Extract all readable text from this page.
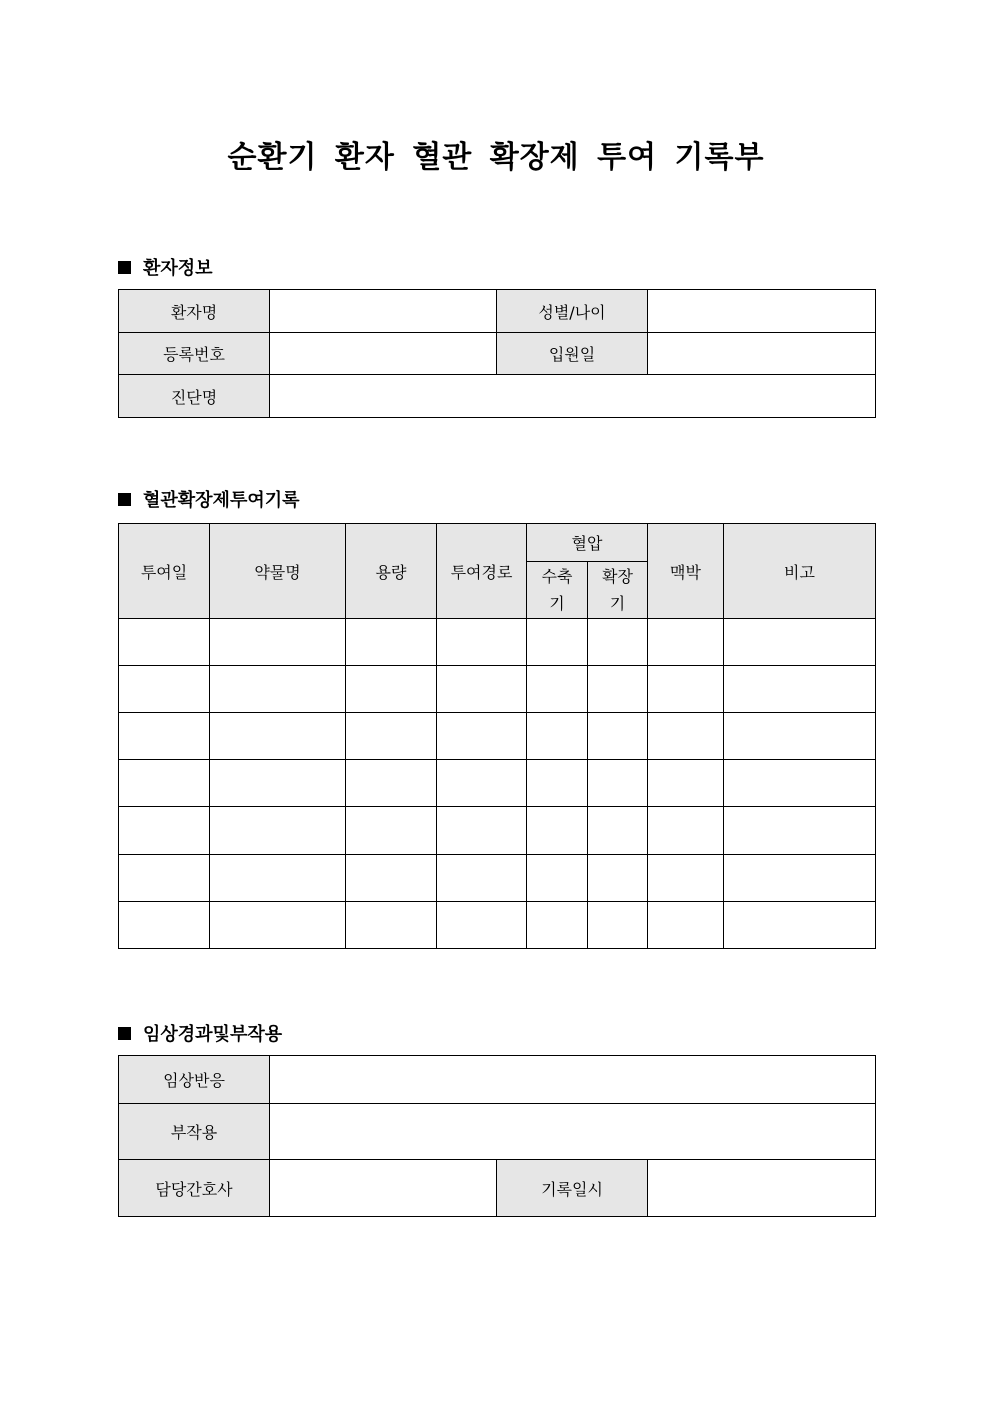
순환기 환자 혈관 확장제 투여 기록부
환자정보
환자명		성별/나이	
등록번호		입원일	
진단명			
혈관확장제투여기록
투여일	약물명	용량	투여경로	혈압		맥박	비고
				수축기	확장기		

임상경과및부작용
임상반응			
부작용			
담당간호사		기록일시	
